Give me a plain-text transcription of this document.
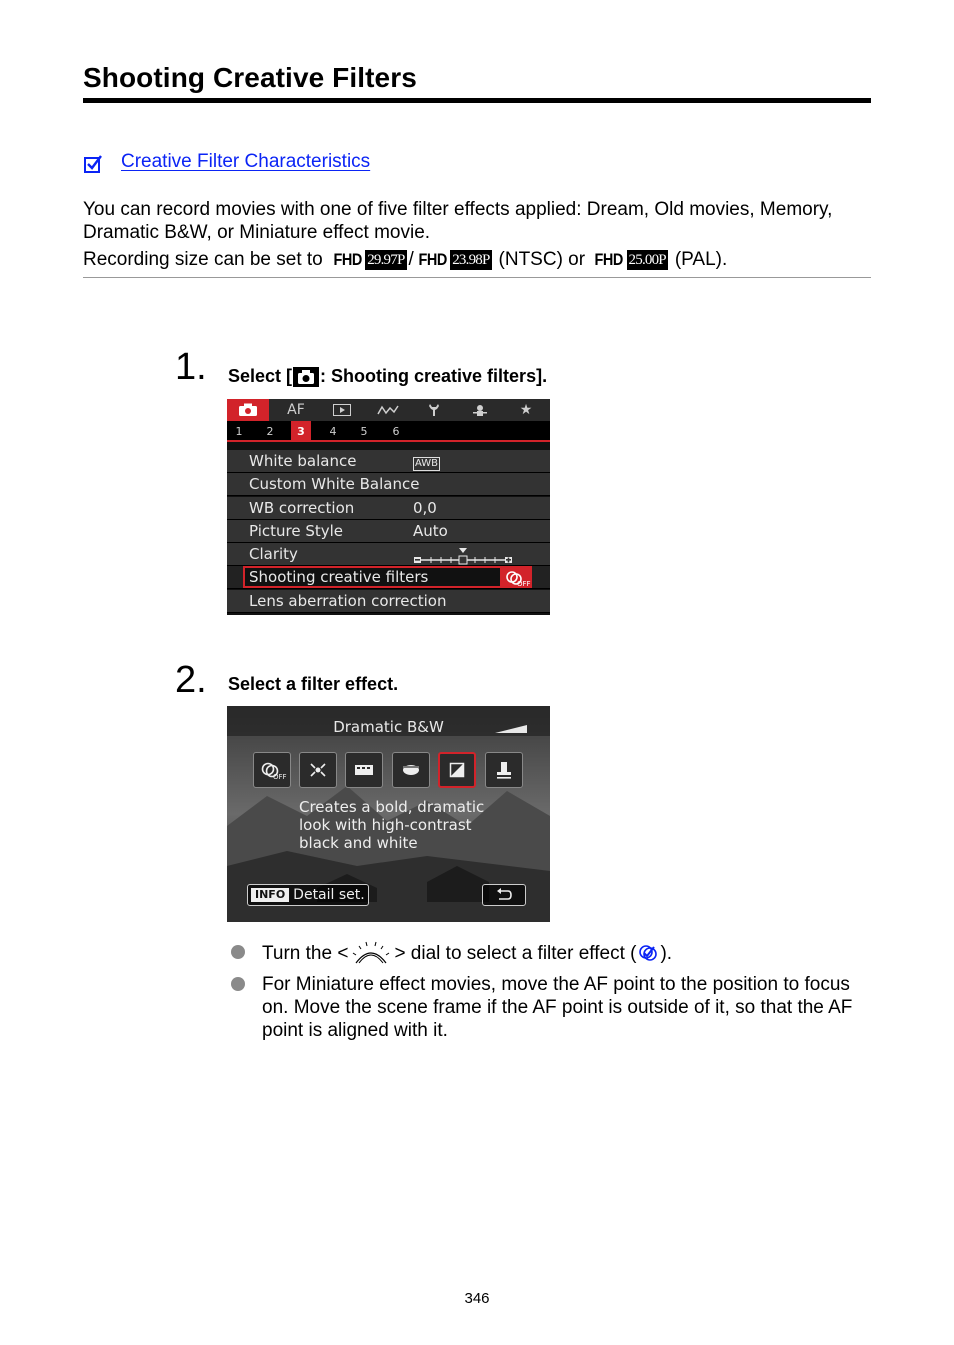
Shooting Creative Filters
Creative Filter Characteristics
You can record movies with one of five filter effects applied: Dream, Old movies, Memory, Dramatic B&W, or Miniature effect movie.
Recording size can be set to FHD 29.97P / FHD 23.98P (NTSC) or FHD 25.00P (PAL).
1. Select [ : Shooting creative filters].
AF	★
1	2	3	4	5	6
White balance	AWB
Custom White Balance
WB correction	0,0
Picture Style	Auto
Clarity
Shooting creative filters	OFF
Lens aberration correction
2. Select a filter effect.
Dramatic B&W
OFF
Creates a bold, dramatic
look with high-contrast
black and white
INFO Detail set.
Turn the < > dial to select a filter effect ( ).
For Miniature effect movies, move the AF point to the position to focus on. Move the scene frame if the AF point is outside of it, so that the AF point is aligned with it.
346
